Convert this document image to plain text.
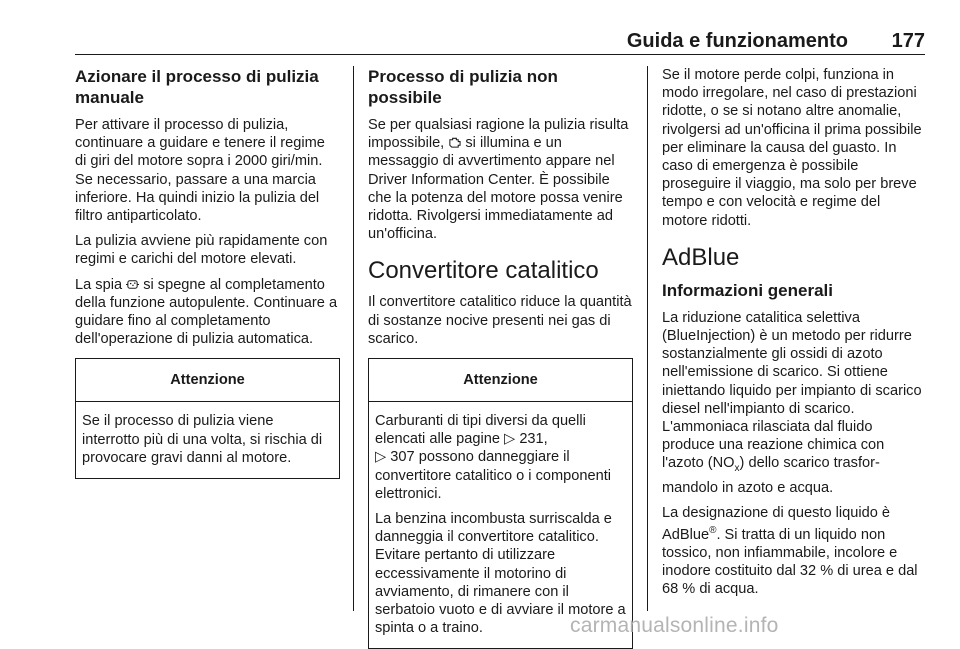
Guida e funzionamento	177
Azionare il processo di pulizia manuale

Per attivare il processo di pulizia, continuare a guidare e tenere il regime di giri del motore sopra i 2000 giri/min. Se necessario, passare a una marcia inferiore. Ha quindi inizio la pulizia del filtro antiparticolato.

La pulizia avviene più rapidamente con regimi e carichi del motore elevati.

La spia si spegne al completamento della funzione autopulente. Continuare a guidare fino al completamento dell'operazione di pulizia automatica.

Attenzione

Se il processo di pulizia viene interrotto più di una volta, si rischia di provocare gravi danni al motore.

Processo di pulizia non possibile

Se per qualsiasi ragione la pulizia risulta impossibile, si illumina e un messaggio di avvertimento appare nel Driver Information Center. È possibile che la potenza del motore possa venire ridotta. Rivolgersi immediatamente ad un'officina.

Convertitore catalitico

Il convertitore catalitico riduce la quantità di sostanze nocive presenti nei gas di scarico.

Attenzione

Carburanti di tipi diversi da quelli elencati alle pagine ▷ 231,
▷ 307 possono danneggiare il convertitore catalitico o i componenti elettronici.

La benzina incombusta surriscalda e danneggia il convertitore catalitico. Evitare pertanto di utilizzare eccessivamente il motorino di avviamento, di rimanere con il serbatoio vuoto e di avviare il motore a spinta o a traino.

Se il motore perde colpi, funziona in modo irregolare, nel caso di prestazioni ridotte, o se si notano altre anomalie, rivolgersi ad un'officina il prima possibile per eliminare la causa del guasto. In caso di emergenza è possibile proseguire il viaggio, ma solo per breve tempo e con velocità e regime del motore ridotti.

AdBlue
Informazioni generali

La riduzione catalitica selettiva (BlueInjection) è un metodo per ridurre sostanzialmente gli ossidi di azoto nell'emissione di scarico. Si ottiene iniettando liquido per impianto di scarico diesel nell'impianto di scarico. L'ammoniaca rilasciata dal fluido produce una reazione chimica con l'azoto $(NO_x)$ dello scarico trasformandolo in azoto e acqua.

La designazione di questo liquido è AdBlue®. Si tratta di un liquido non tossico, non infiammabile, incolore e inodore costituito dal 32 % di urea e dal 68 % di acqua.

carmanualsonline.info
